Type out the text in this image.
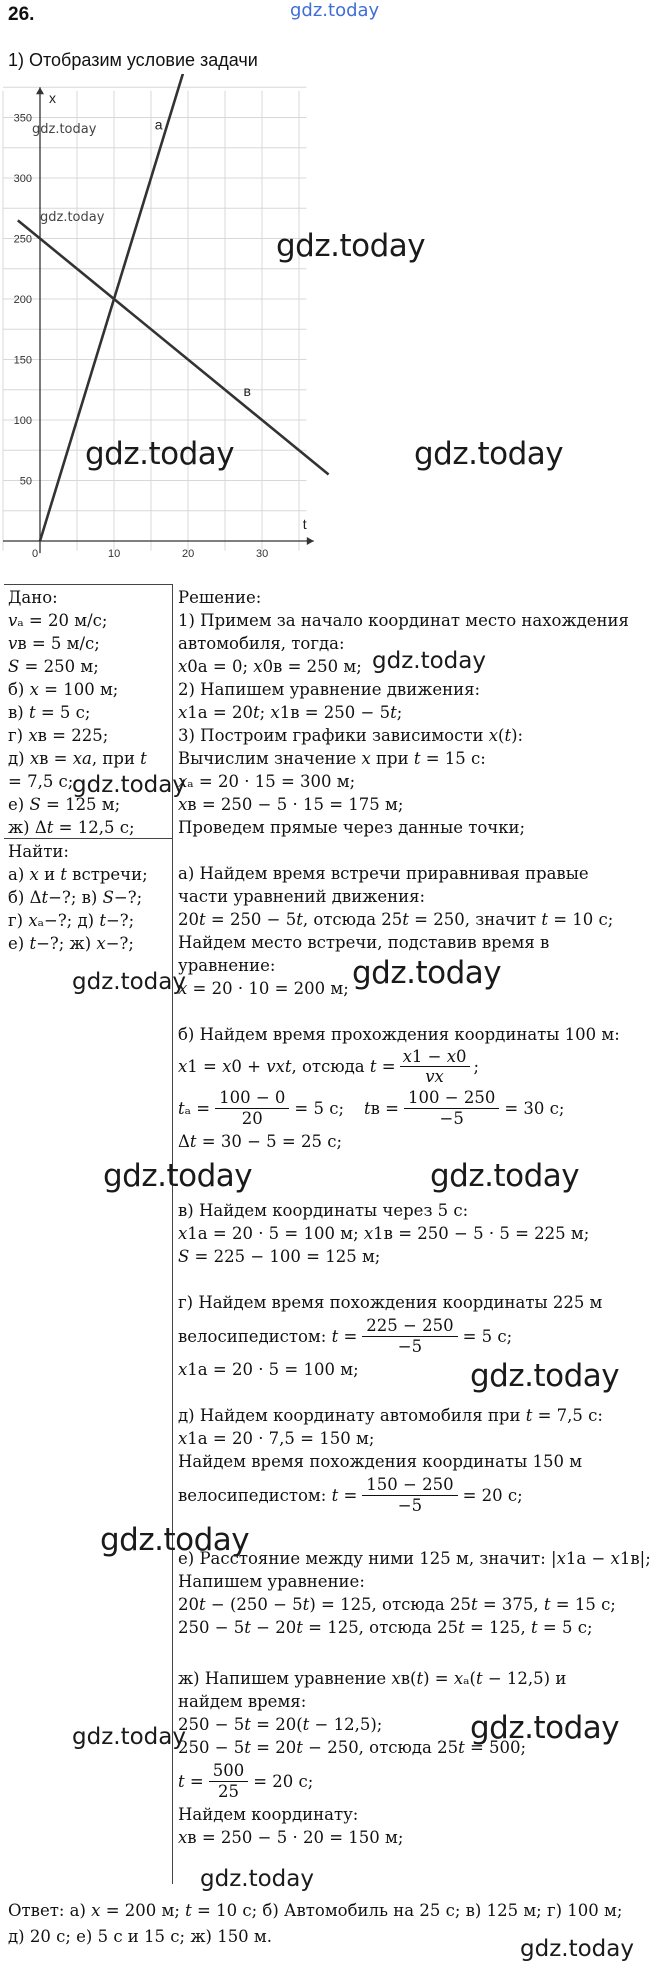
gdz.today
26.
1) Отобразим условие задачи
0	10	20	30
50
100
150
200
250
300
350
t
x
а
в
gdz.today
gdz.today
gdz.today
gdz.today	gdz.today
Дано:
𝑣ₐ = 20 м/с;
𝑣в = 5 м/с;
𝑆 = 250 м;
б) 𝑥 = 100 м;
в) 𝑡 = 5 с;
г) 𝑥в = 225;
д) 𝑥в = 𝑥𝑎, при 𝑡
= 7,5 с;
е) 𝑆 = 125 м;
ж) Δ𝑡 = 12,5 с;
Найти:
а) 𝑥 и 𝑡 встречи;
б) Δ𝑡−?; в) 𝑆−?;
г) 𝑥ₐ−?; д) 𝑡−?;
е) 𝑡−?; ж) 𝑥−?;
Решение:
1) Примем за начало координат место нахождения
автомобиля, тогда:
𝑥0а = 0; 𝑥0в = 250 м;
2) Напишем уравнение движения:
𝑥1а = 20𝑡; 𝑥1в = 250 − 5𝑡;
3) Построим графики зависимости 𝑥(𝑡):
Вычислим значение 𝑥 при 𝑡 = 15 с:
𝑥ₐ = 20 · 15 = 300 м;
𝑥в = 250 − 5 · 15 = 175 м;
Проведем прямые через данные точки;
а) Найдем время встречи приравнивая правые
части уравнений движения:
20𝑡 = 250 − 5𝑡, отсюда 25𝑡 = 250, значит 𝑡 = 10 с;
Найдем место встречи, подставив время в
уравнение:
𝑥 = 20 · 10 = 200 м;
б) Найдем время прохождения координаты 100 м:
𝑥1 = 𝑥0 + 𝑣𝑥𝑡, отсюда 𝑡 =
𝑥1 − 𝑥0
𝑣𝑥
;
𝑡ₐ = $\frac{100 - 0}{20} = 5$ с; 𝑡в = $\frac{100 - 250}{-5} = 30$ с;
Δ𝑡 = 30 − 5 = 25 с;
в) Найдем координаты через 5 с:
𝑥1а = 20 · 5 = 100 м; 𝑥1в = 250 − 5 · 5 = 225 м;
𝑆 = 225 − 100 = 125 м;
г) Найдем время похождения координаты 225 м
велосипедистом: 𝑡 = $\frac{225 - 250}{-5} = 5$ с;
𝑥1а = 20 · 5 = 100 м;
д) Найдем координату автомобиля при 𝑡 = 7,5 с:
𝑥1а = 20 · 7,5 = 150 м;
Найдем время похождения координаты 150 м
велосипедистом: 𝑡 = $\frac{150 - 250}{-5} = 20$ с;
е) Расстояние между ними 125 м, значит: |𝑥1а − 𝑥1в|;
Напишем уравнение:
20𝑡 − (250 − 5𝑡) = 125, отсюда 25𝑡 = 375, 𝑡 = 15 с;
250 − 5𝑡 − 20𝑡 = 125, отсюда 25𝑡 = 125, 𝑡 = 5 с;
ж) Напишем уравнение 𝑥в(𝑡) = 𝑥ₐ(𝑡 − 12,5) и
найдем время:
250 − 5𝑡 = 20(𝑡 − 12,5);
250 − 5𝑡 = 20𝑡 − 250, отсюда 25𝑡 = 500;
𝑡 = $\frac{500}{25} = 20$ с;
Найдем координату:
𝑥в = 250 − 5 · 20 = 150 м;
gdz.today
gdz.today
gdz.today	gdz.today
gdz.today	gdz.today
gdz.today
gdz.today
gdz.today	gdz.today
gdz.today
Ответ: а) 𝑥 = 200 м; 𝑡 = 10 с; б) Автомобиль на 25 с; в) 125 м; г) 100 м;
д) 20 с; е) 5 с и 15 с; ж) 150 м.	gdz.today
